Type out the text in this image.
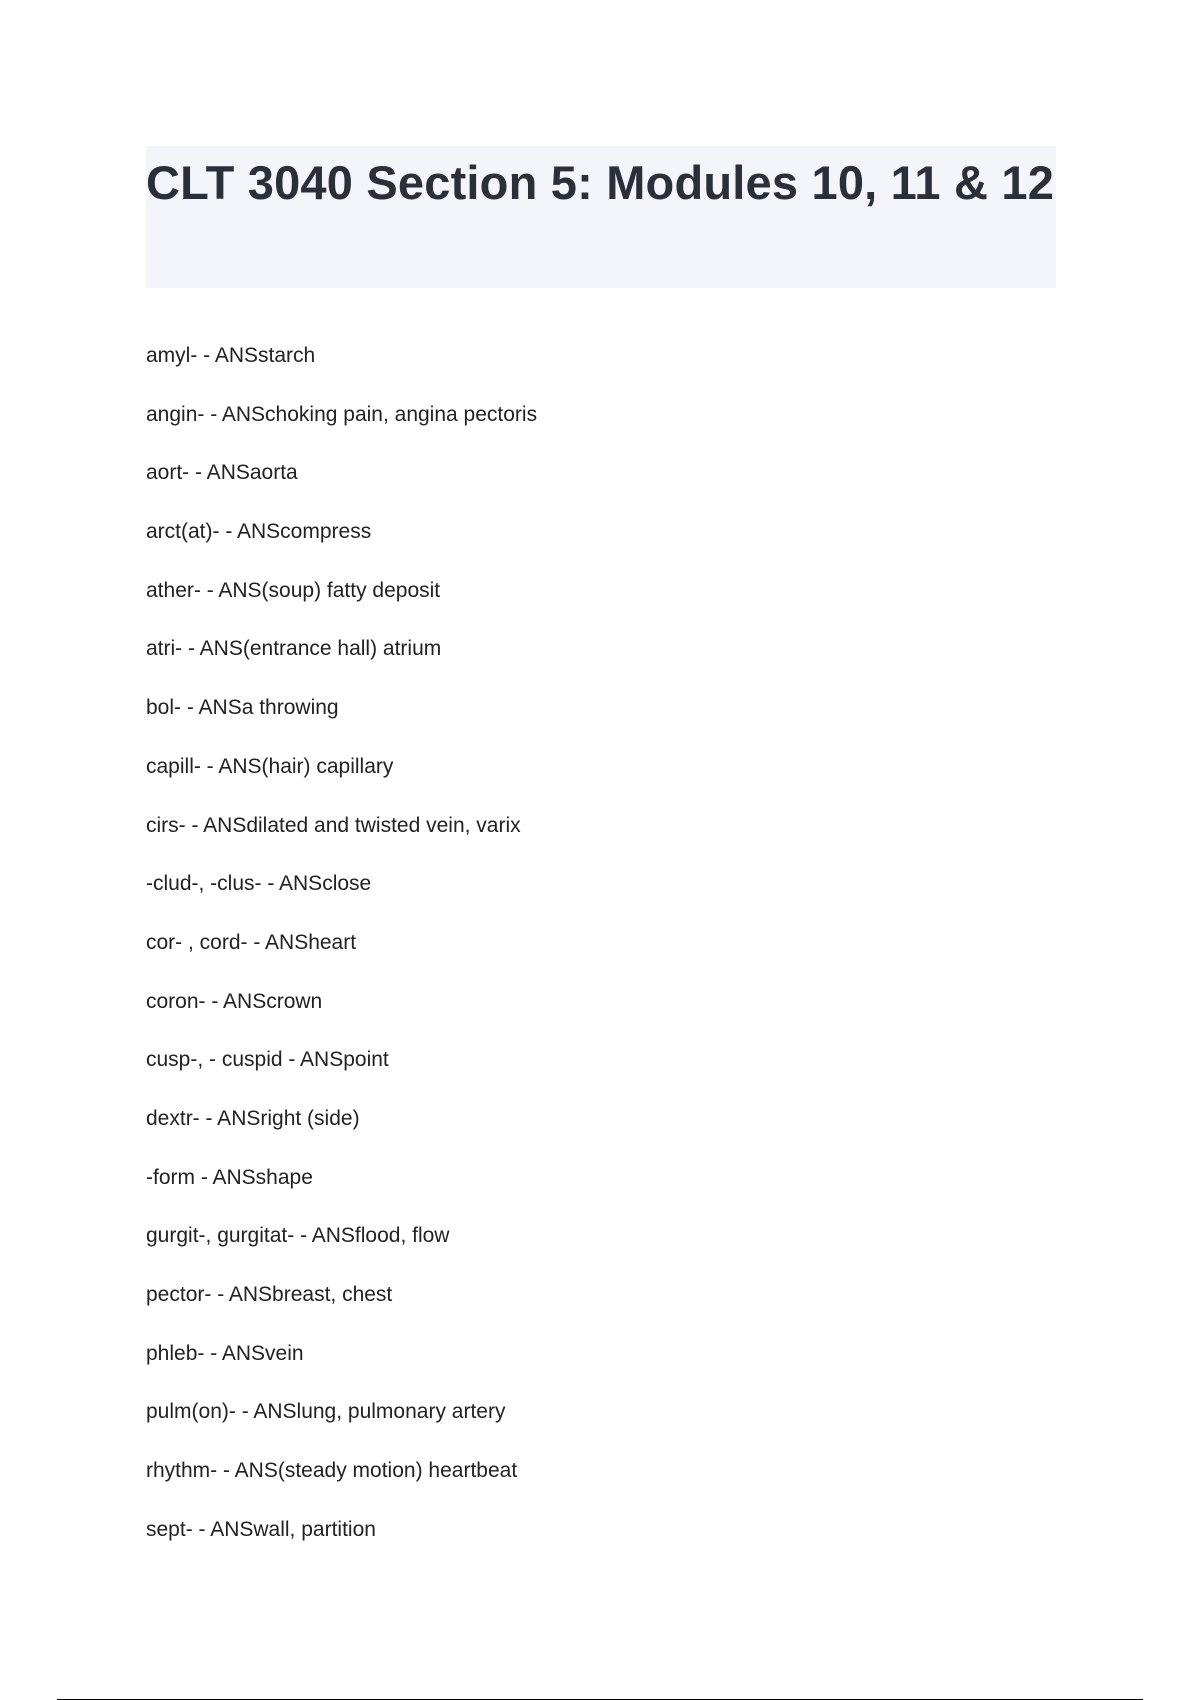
CLT 3040 Section 5: Modules 10, 11 & 12
amyl- - ANSstarch
angin- - ANSchoking pain, angina pectoris
aort- - ANSaorta
arct(at)- - ANScompress
ather- - ANS(soup) fatty deposit
atri- - ANS(entrance hall) atrium
bol- - ANSa throwing
capill- - ANS(hair) capillary
cirs- - ANSdilated and twisted vein, varix
-clud-, -clus- - ANSclose
cor- , cord- - ANSheart
coron- - ANScrown
cusp-, - cuspid - ANSpoint
dextr- - ANSright (side)
-form - ANSshape
gurgit-, gurgitat- - ANSflood, flow
pector- - ANSbreast, chest
phleb- - ANSvein
pulm(on)- - ANSlung, pulmonary artery
rhythm- - ANS(steady motion) heartbeat
sept- - ANSwall, partition
